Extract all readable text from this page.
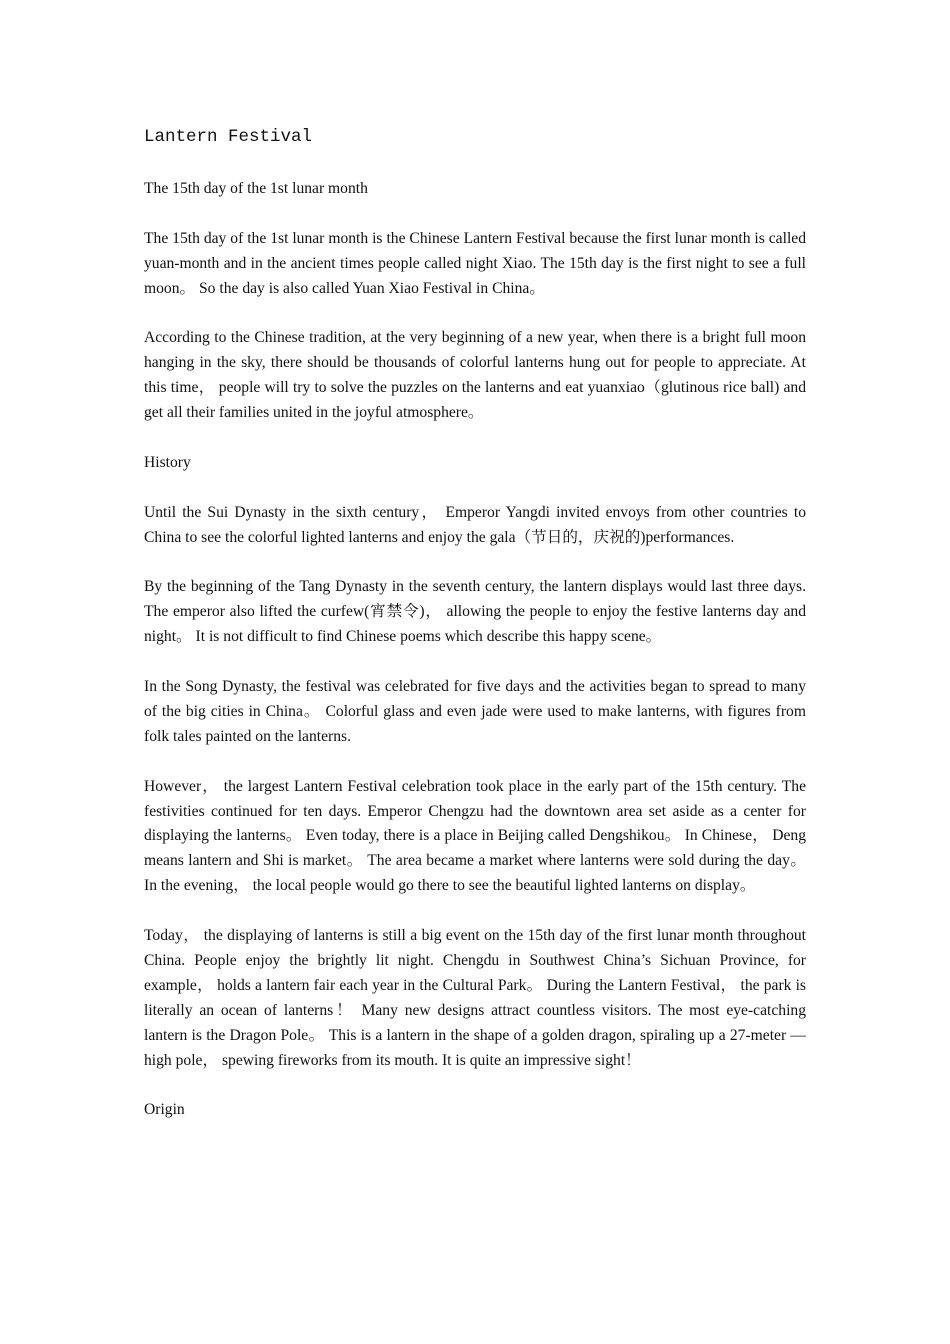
Lantern Festival

The 15th day of the 1st lunar month

The 15th day of the 1st lunar month is the Chinese Lantern Festival because the first lunar month is called yuan-month and in the ancient times people called night Xiao. The 15th day is the first night to see a full moon。 So the day is also called Yuan Xiao Festival in China。

According to the Chinese tradition, at the very beginning of a new year, when there is a bright full moon hanging in the sky, there should be thousands of colorful lanterns hung out for people to appreciate. At this time， people will try to solve the puzzles on the lanterns and eat yuanxiao（glutinous rice ball) and get all their families united in the joyful atmosphere。

History

Until the Sui Dynasty in the sixth century， Emperor Yangdi invited envoys from other countries to China to see the colorful lighted lanterns and enjoy the gala（节日的，庆祝的)performances.

By the beginning of the Tang Dynasty in the seventh century, the lantern displays would last three days. The emperor also lifted the curfew(宵禁令)， allowing the people to enjoy the festive lanterns day and night。 It is not difficult to find Chinese poems which describe this happy scene。

In the Song Dynasty, the festival was celebrated for five days and the activities began to spread to many of the big cities in China。 Colorful glass and even jade were used to make lanterns, with figures from folk tales painted on the lanterns.

However， the largest Lantern Festival celebration took place in the early part of the 15th century. The festivities continued for ten days. Emperor Chengzu had the downtown area set aside as a center for displaying the lanterns。 Even today, there is a place in Beijing called Dengshikou。 In Chinese， Deng means lantern and Shi is market。 The area became a market where lanterns were sold during the day。 In the evening， the local people would go there to see the beautiful lighted lanterns on display。

Today， the displaying of lanterns is still a big event on the 15th day of the first lunar month throughout China. People enjoy the brightly lit night. Chengdu in Southwest China’s Sichuan Province, for example， holds a lantern fair each year in the Cultural Park。 During the Lantern Festival， the park is literally an ocean of lanterns！ Many new designs attract countless visitors. The most eye-catching lantern is the Dragon Pole。 This is a lantern in the shape of a golden dragon, spiraling up a 27-meter —high pole， spewing fireworks from its mouth. It is quite an impressive sight！

Origin
